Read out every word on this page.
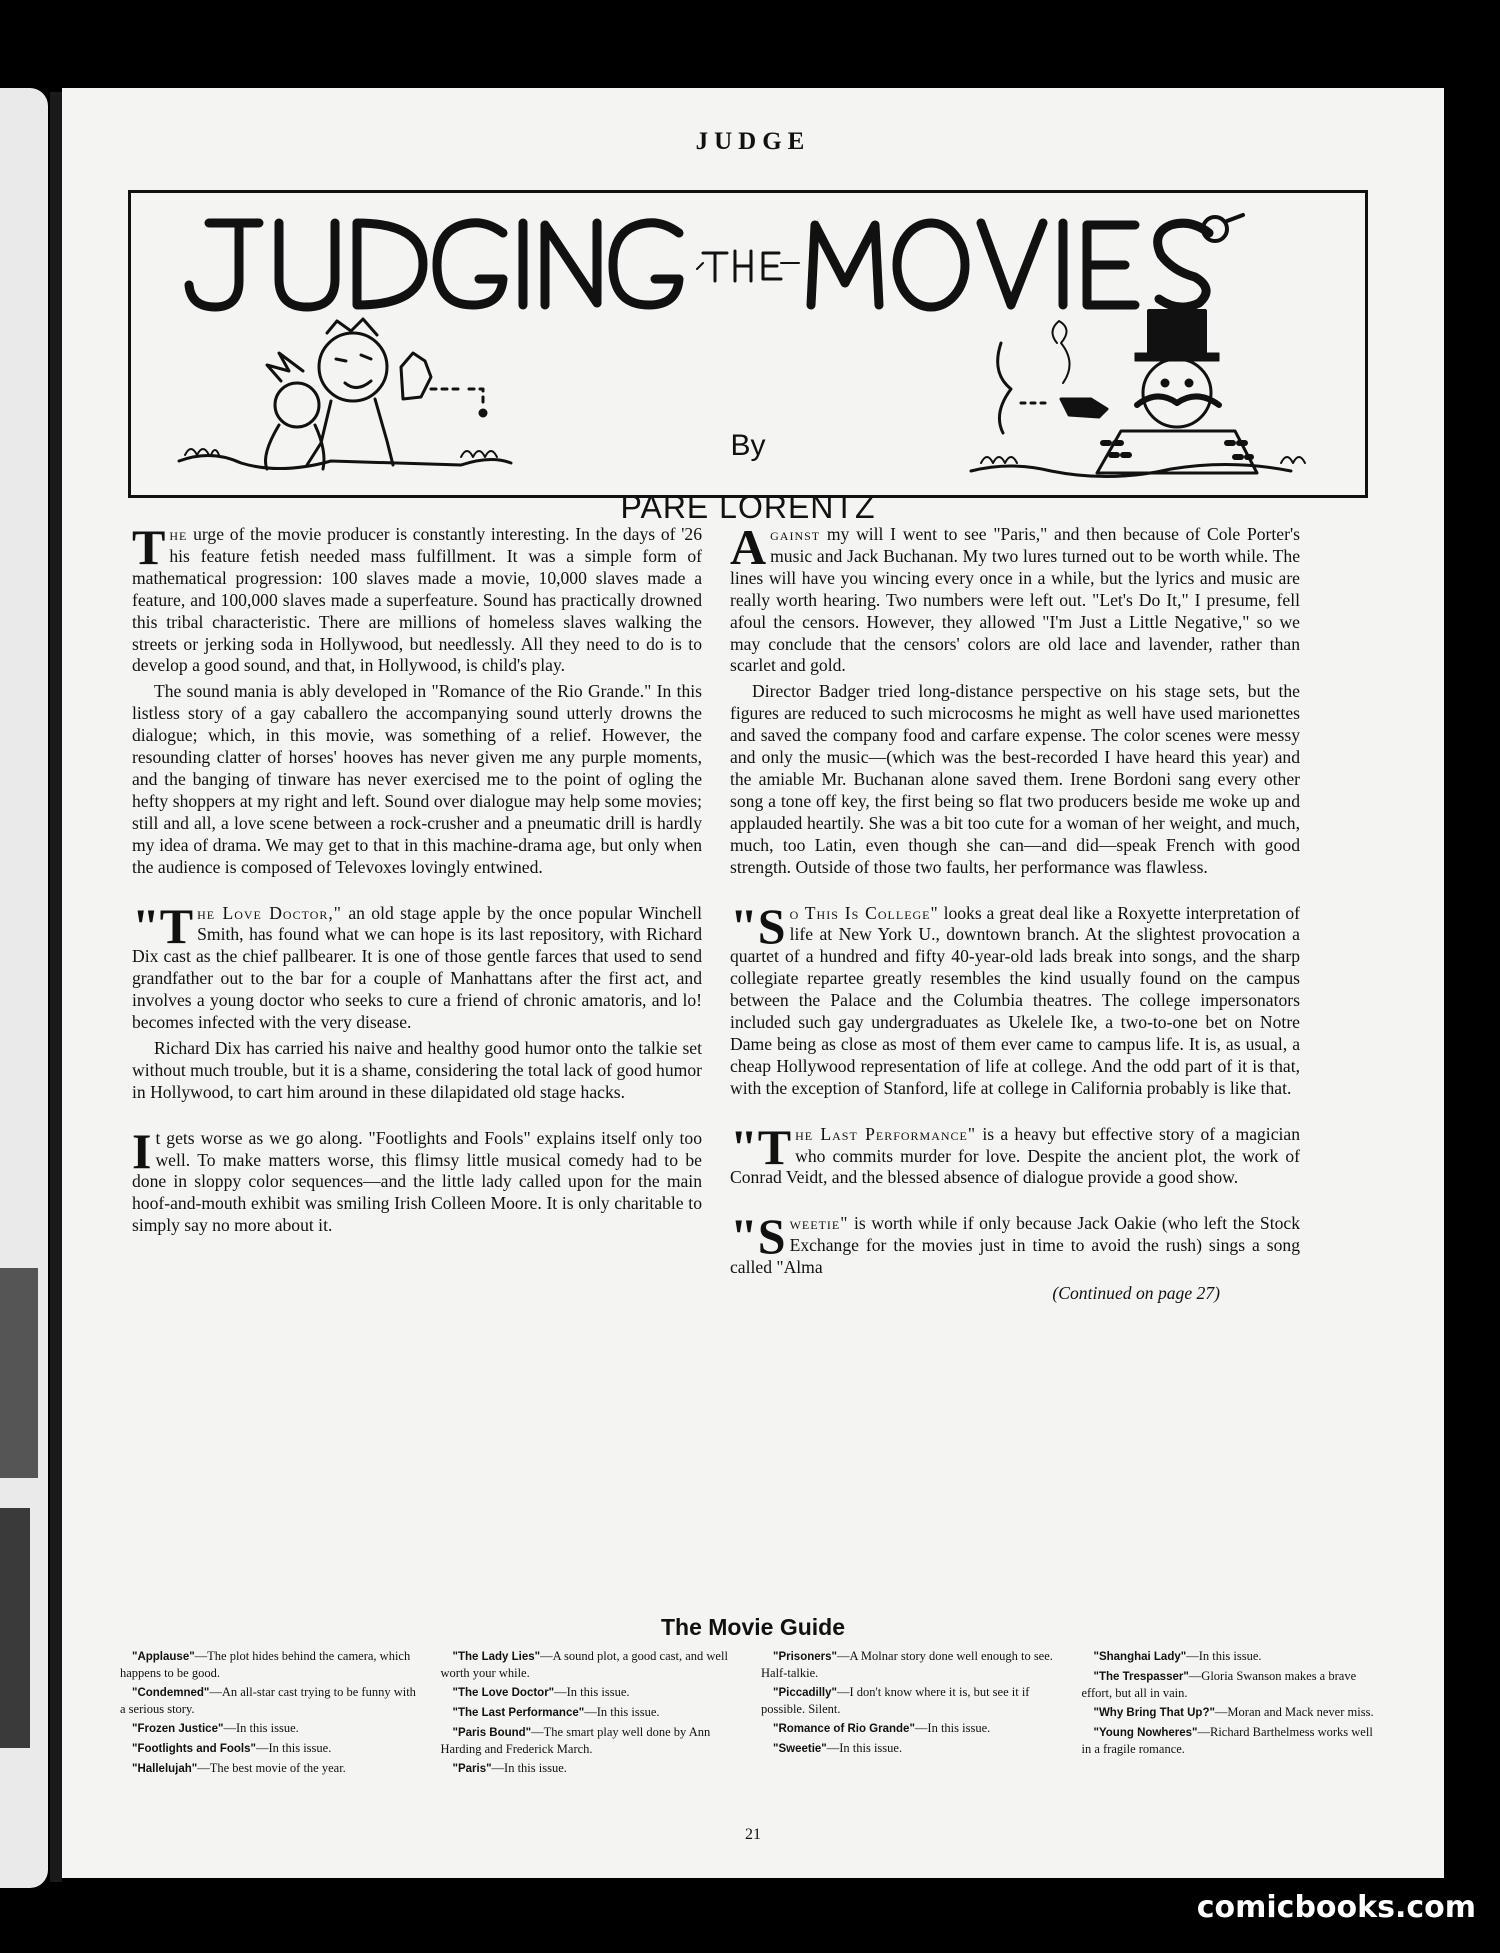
JUDGE
By
PARE LORENTZ

The urge of the movie producer is constantly interesting. In the days of '26 his feature fetish needed mass fulfillment. It was a simple form of mathematical progression: 100 slaves made a movie, 10,000 slaves made a feature, and 100,000 slaves made a superfeature. Sound has practically drowned this tribal characteristic. There are millions of homeless slaves walking the streets or jerking soda in Hollywood, but needlessly. All they need to do is to develop a good sound, and that, in Hollywood, is child's play.

The sound mania is ably developed in "Romance of the Rio Grande." In this listless story of a gay caballero the accompanying sound utterly drowns the dialogue; which, in this movie, was something of a relief. However, the resounding clatter of horses' hooves has never given me any purple moments, and the banging of tinware has never exercised me to the point of ogling the hefty shoppers at my right and left. Sound over dialogue may help some movies; still and all, a love scene between a rock-crusher and a pneumatic drill is hardly my idea of drama. We may get to that in this machine-drama age, but only when the audience is composed of Televoxes lovingly entwined.

"The Love Doctor," an old stage apple by the once popular Winchell Smith, has found what we can hope is its last repository, with Richard Dix cast as the chief pallbearer. It is one of those gentle farces that used to send grandfather out to the bar for a couple of Manhattans after the first act, and involves a young doctor who seeks to cure a friend of chronic amatoris, and lo! becomes infected with the very disease.

Richard Dix has carried his naive and healthy good humor onto the talkie set without much trouble, but it is a shame, considering the total lack of good humor in Hollywood, to cart him around in these dilapidated old stage hacks.

It gets worse as we go along. "Footlights and Fools" explains itself only too well. To make matters worse, this flimsy little musical comedy had to be done in sloppy color sequences—and the little lady called upon for the main hoof-and-mouth exhibit was smiling Irish Colleen Moore. It is only charitable to simply say no more about it.

Against my will I went to see "Paris," and then because of Cole Porter's music and Jack Buchanan. My two lures turned out to be worth while. The lines will have you wincing every once in a while, but the lyrics and music are really worth hearing. Two numbers were left out. "Let's Do It," I presume, fell afoul the censors. However, they allowed "I'm Just a Little Negative," so we may conclude that the censors' colors are old lace and lavender, rather than scarlet and gold.

Director Badger tried long-distance perspective on his stage sets, but the figures are reduced to such microcosms he might as well have used marionettes and saved the company food and carfare expense. The color scenes were messy and only the music—(which was the best-recorded I have heard this year) and the amiable Mr. Buchanan alone saved them. Irene Bordoni sang every other song a tone off key, the first being so flat two producers beside me woke up and applauded heartily. She was a bit too cute for a woman of her weight, and much, much, too Latin, even though she can—and did—speak French with good strength. Outside of those two faults, her performance was flawless.

"So This Is College" looks a great deal like a Roxyette interpretation of life at New York U., downtown branch. At the slightest provocation a quartet of a hundred and fifty 40-year-old lads break into songs, and the sharp collegiate repartee greatly resembles the kind usually found on the campus between the Palace and the Columbia theatres. The college impersonators included such gay undergraduates as Ukelele Ike, a two-to-one bet on Notre Dame being as close as most of them ever came to campus life. It is, as usual, a cheap Hollywood representation of life at college. And the odd part of it is that, with the exception of Stanford, life at college in California probably is like that.

"The Last Performance" is a heavy but effective story of a magician who commits murder for love. Despite the ancient plot, the work of Conrad Veidt, and the blessed absence of dialogue provide a good show.

"Sweetie" is worth while if only because Jack Oakie (who left the Stock Exchange for the movies just in time to avoid the rush) sings a song called "Alma

(Continued on page 27)
The Movie Guide

"Applause"—The plot hides behind the camera, which happens to be good.

"Condemned"—An all-star cast trying to be funny with a serious story.

"Frozen Justice"—In this issue.

"Footlights and Fools"—In this issue.

"Hallelujah"—The best movie of the year.

"The Lady Lies"—A sound plot, a good cast, and well worth your while.

"The Love Doctor"—In this issue.

"The Last Performance"—In this issue.

"Paris Bound"—The smart play well done by Ann Harding and Frederick March.

"Paris"—In this issue.

"Prisoners"—A Molnar story done well enough to see. Half-talkie.

"Piccadilly"—I don't know where it is, but see it if possible. Silent.

"Romance of Rio Grande"—In this issue.

"Sweetie"—In this issue.

"Shanghai Lady"—In this issue.

"The Trespasser"—Gloria Swanson makes a brave effort, but all in vain.

"Why Bring That Up?"—Moran and Mack never miss.

"Young Nowheres"—Richard Barthelmess works well in a fragile romance.

21
comicbooks.com
